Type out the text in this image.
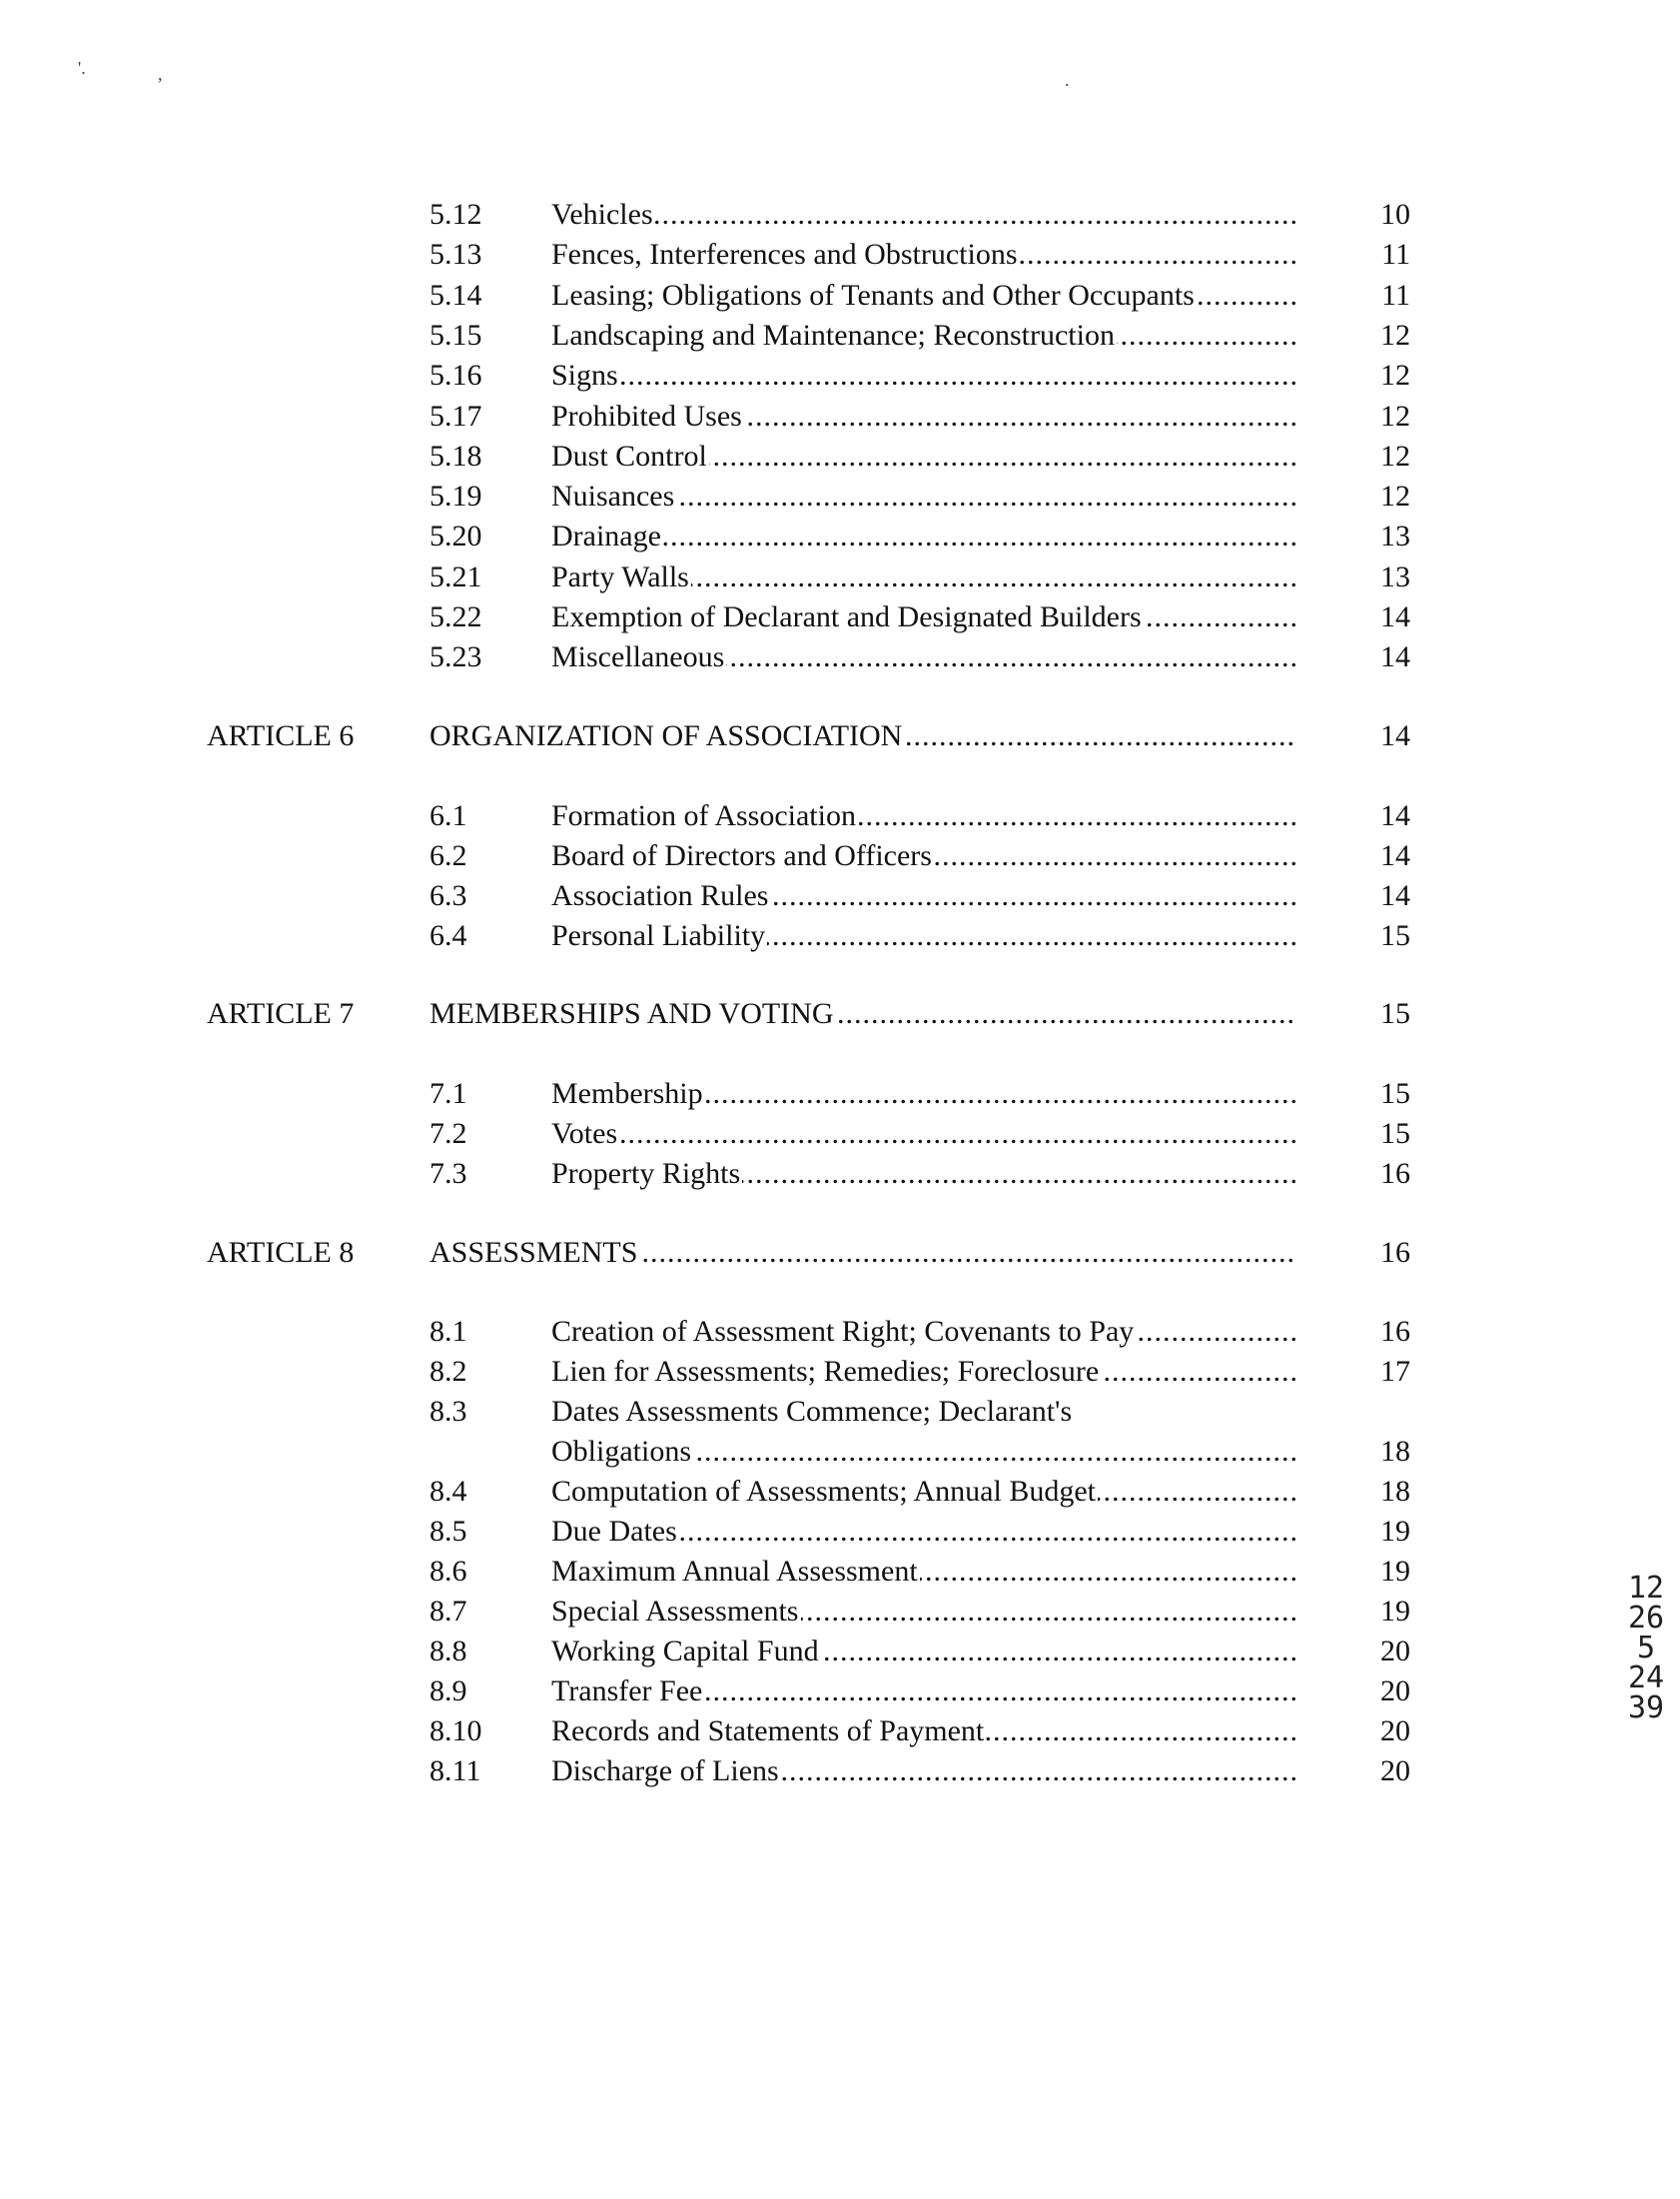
'.	,	.
5.12 Vehicles .....	10
5.13 Fences, Interferences and Obstructions .....	11
5.14 Leasing; Obligations of Tenants and Other Occupants .....	11
5.15 Landscaping and Maintenance; Reconstruction .....	12
5.16 Signs .....	12
5.17 Prohibited Uses .....	12
5.18 Dust Control .....	12
5.19 Nuisances .....	12
5.20 Drainage .....	13
5.21 Party Walls .....	13
5.22 Exemption of Declarant and Designated Builders .....	14
5.23 Miscellaneous .....	14
ARTICLE 6	ORGANIZATION OF ASSOCIATION .....	14
6.1	Formation of Association .....	14
6.2	Board of Directors and Officers .....	14
6.3	Association Rules .....	14
6.4	Personal Liability .....	15
ARTICLE 7	MEMBERSHIPS AND VOTING .....	15
7.1	Membership .....	15
7.2	Votes .....	15
7.3	Property Rights .....	16
ARTICLE 8	ASSESSMENTS .....	16
8.1	Creation of Assessment Right; Covenants to Pay .....	16
8.2	Lien for Assessments; Remedies; Foreclosure .....	17
8.3	Dates Assessments Commence; Declarant's
Obligations .....	18
8.4	Computation of Assessments; Annual Budget .....	18
8.5	Due Dates .....	19
8.6	Maximum Annual Assessment .....	19
8.7	Special Assessments .....	19
8.8	Working Capital Fund .....	20
8.9	Transfer Fee .....	20
8.10 Records and Statements of Payment .....	20
8.11 Discharge of Liens .....	20
12265 2439
